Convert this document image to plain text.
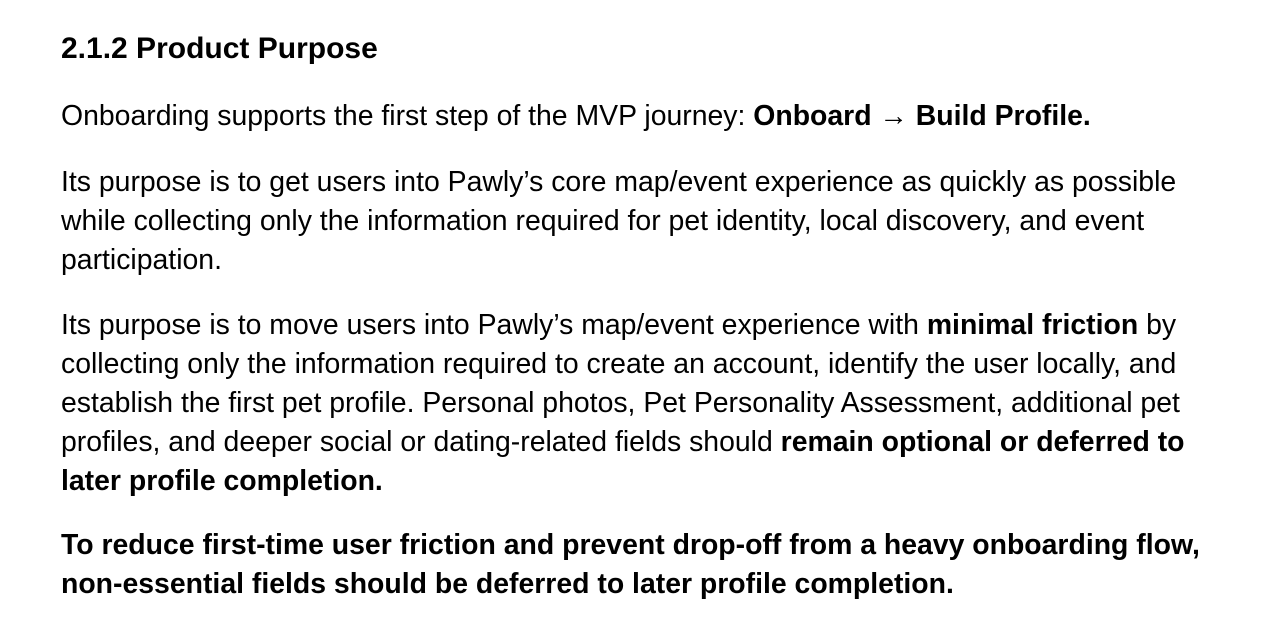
2.1.2 Product Purpose

Onboarding supports the first step of the MVP journey: Onboard → Build Profile.

Its purpose is to get users into Pawly’s core map/event experience as quickly as possible
while collecting only the information required for pet identity, local discovery, and event
participation.

Its purpose is to move users into Pawly’s map/event experience with minimal friction by
collecting only the information required to create an account, identify the user locally, and
establish the first pet profile. Personal photos, Pet Personality Assessment, additional pet
profiles, and deeper social or dating-related fields should remain optional or deferred to
later profile completion.

To reduce first-time user friction and prevent drop-off from a heavy onboarding flow,
non-essential fields should be deferred to later profile completion.
